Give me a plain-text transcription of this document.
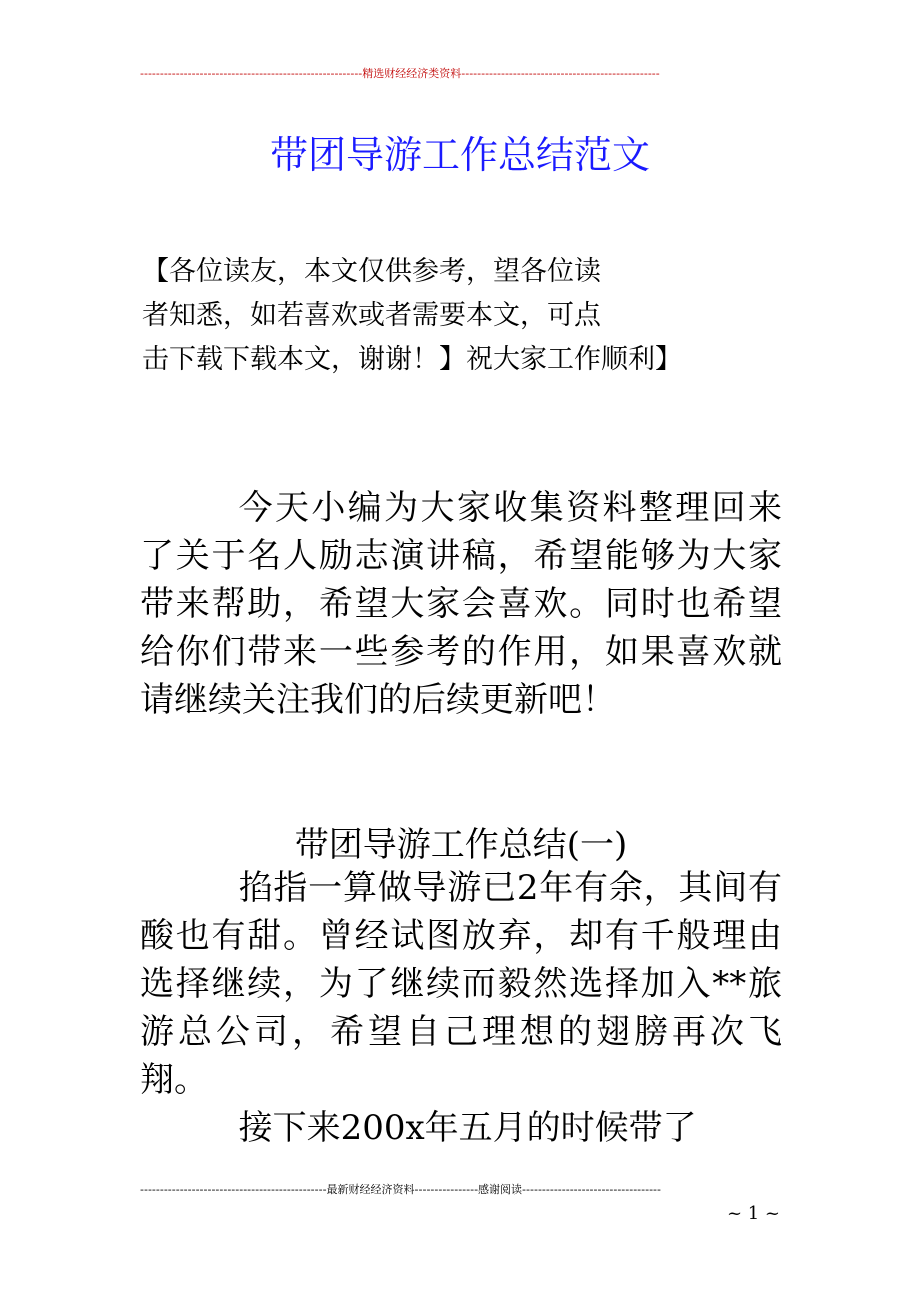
--------------------------------------------------------精选财经经济类资料--------------------------------------------------
带团导游工作总结范文
【各位读友，本文仅供参考，望各位读
者知悉，如若喜欢或者需要本文，可点
击下载下载本文，谢谢！】祝大家工作顺利】

今天小编为大家收集资料整理回来了关于名人励志演讲稿，希望能够为大家带来帮助，希望大家会喜欢。同时也希望给你们带来一些参考的作用，如果喜欢就请继续关注我们的后续更新吧！

带团导游工作总结(一)

掐指一算做导游已2年有余，其间有酸也有甜。曾经试图放弃，却有千般理由选择继续，为了继续而毅然选择加入**旅游总公司，希望自己理想的翅膀再次飞翔。

接下来200x年五月的时候带了

-----------------------------------------------最新财经经济资料----------------感谢阅读-----------------------------------
~ 1 ~
